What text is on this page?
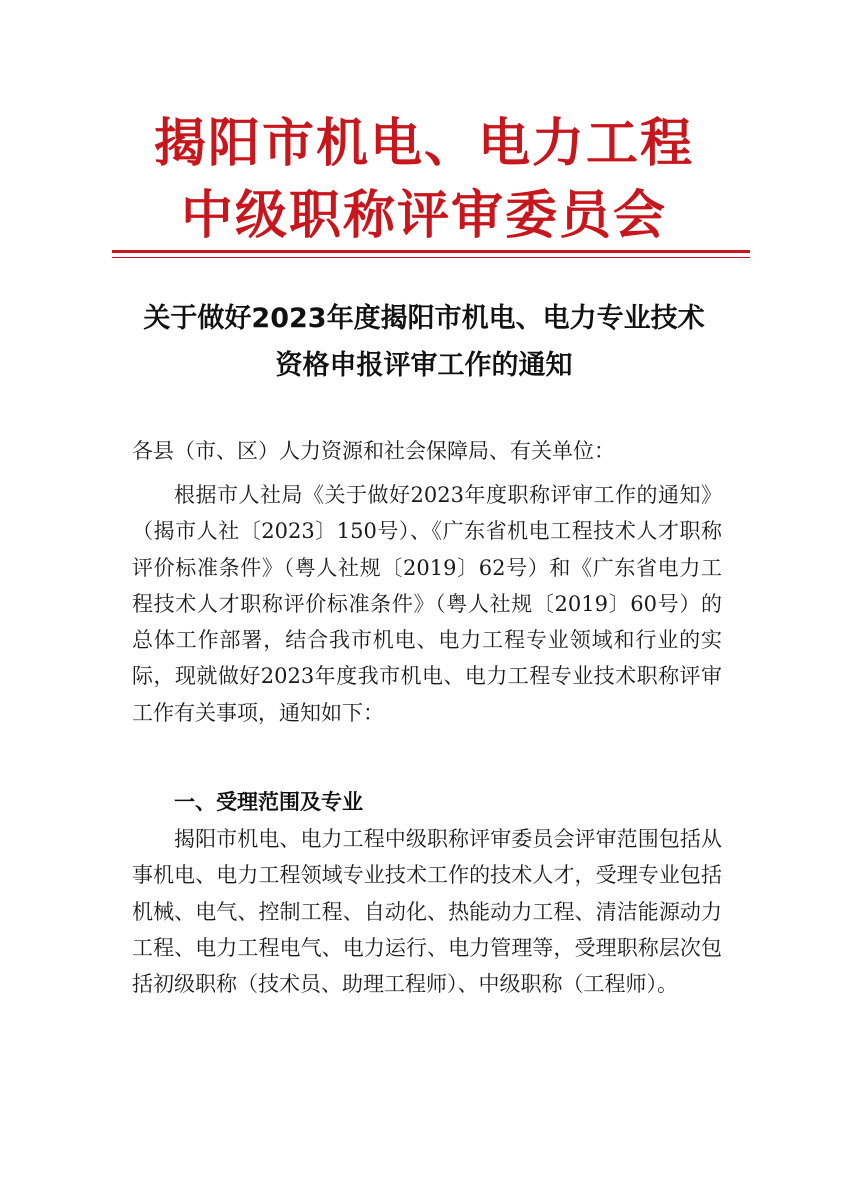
揭阳市机电、电力工程
中级职称评审委员会
关于做好2023年度揭阳市机电、电力专业技术
资格申报评审工作的通知
各县（市、区）人力资源和社会保障局、有关单位：

根据市人社局《关于做好2023年度职称评审工作的通知》（揭市人社〔2023〕150号）、《广东省机电工程技术人才职称评价标准条件》（粤人社规〔2019〕62号）和《广东省电力工程技术人才职称评价标准条件》（粤人社规〔2019〕60号）的总体工作部署，结合我市机电、电力工程专业领域和行业的实际，现就做好2023年度我市机电、电力工程专业技术职称评审工作有关事项，通知如下：

一、受理范围及专业

揭阳市机电、电力工程中级职称评审委员会评审范围包括从事机电、电力工程领域专业技术工作的技术人才，受理专业包括机械、电气、控制工程、自动化、热能动力工程、清洁能源动力工程、电力工程电气、电力运行、电力管理等，受理职称层次包括初级职称（技术员、助理工程师）、中级职称（工程师）。
